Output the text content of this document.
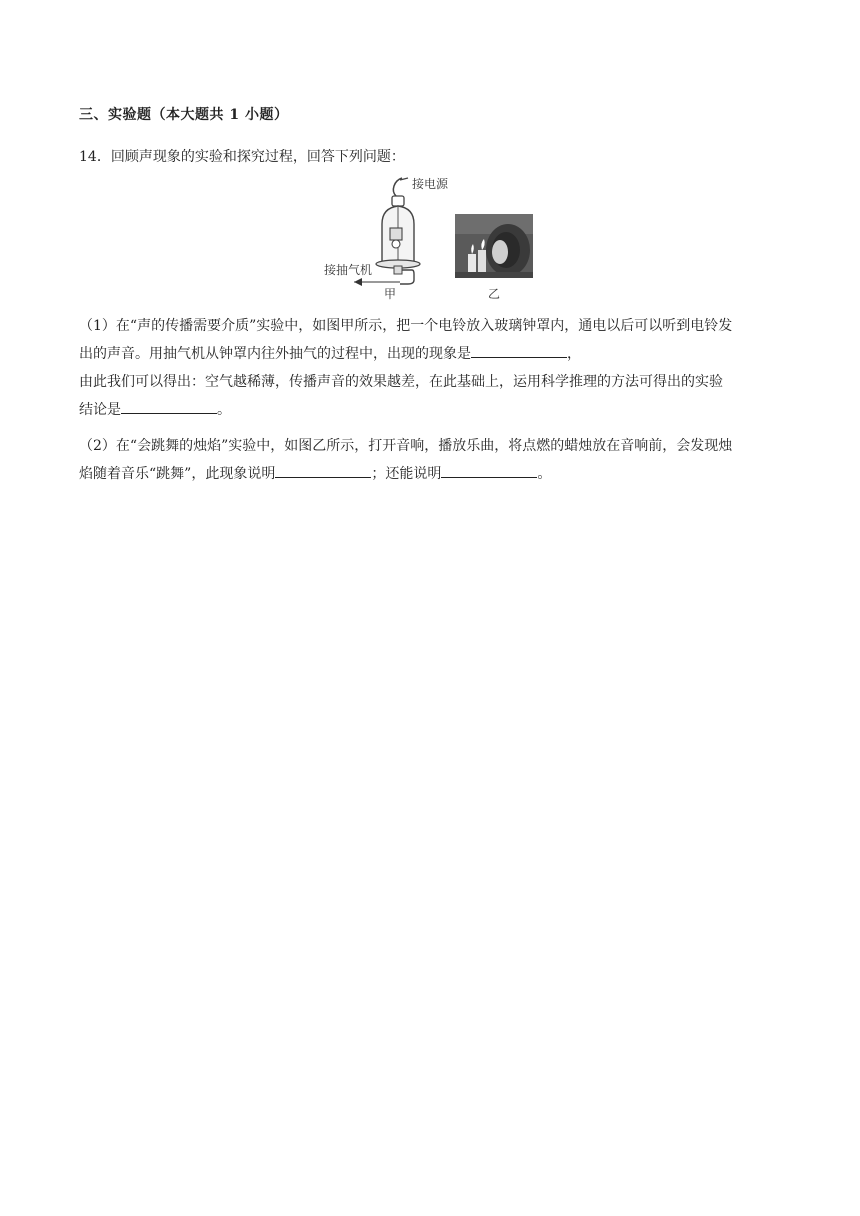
三、实验题（本大题共 1 小题）
14．回顾声现象的实验和探究过程，回答下列问题：
接电源
接抽气机
甲	乙
（1）在“声的传播需要介质”实验中，如图甲所示，把一个电铃放入玻璃钟罩内，通电以后可以听到电铃发
出的声音。用抽气机从钟罩内往外抽气的过程中，出现的现象是	，
由此我们可以得出：空气越稀薄，传播声音的效果越差，在此基础上，运用科学推理的方法可得出的实验
结论是	。
（2）在“会跳舞的烛焰”实验中，如图乙所示，打开音响，播放乐曲，将点燃的蜡烛放在音响前，会发现烛
焰随着音乐“跳舞”，此现象说明	；还能说明	。
